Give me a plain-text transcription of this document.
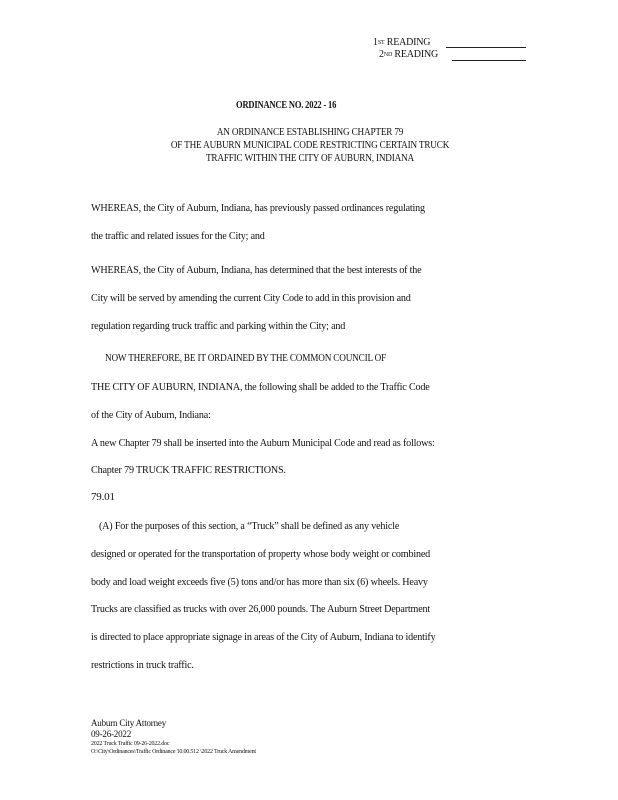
1ST READING
2ND READING
ORDINANCE NO. 2022 - 16
AN ORDINANCE ESTABLISHING CHAPTER 79
OF THE AUBURN MUNICIPAL CODE RESTRICTING CERTAIN TRUCK
TRAFFIC WITHIN THE CITY OF AUBURN, INDIANA
WHEREAS, the City of Auburn, Indiana, has previously passed ordinances regulating
the traffic and related issues for the City; and
WHEREAS, the City of Auburn, Indiana, has determined that the best interests of the
City will be served by amending the current City Code to add in this provision and
regulation regarding truck traffic and parking within the City; and
NOW THEREFORE, BE IT ORDAINED BY THE COMMON COUNCIL OF
THE CITY OF AUBURN, INDIANA, the following shall be added to the Traffic Code
of the City of Auburn, Indiana:
A new Chapter 79 shall be inserted into the Auburn Municipal Code and read as follows:
Chapter 79 TRUCK TRAFFIC RESTRICTIONS.
79.01
(A) For the purposes of this section, a “Truck” shall be defined as any vehicle
designed or operated for the transportation of property whose body weight or combined
body and load weight exceeds five (5) tons and/or has more than six (6) wheels. Heavy
Trucks are classified as trucks with over 26,000 pounds. The Auburn Street Department
is directed to place appropriate signage in areas of the City of Auburn, Indiana to identify
restrictions in truck traffic.
Auburn City Attorney
09-26-2022
2022 Truck Traffic 09-26-2022.doc
O:\City\Ordinances\Traffic Ordinance 10.00.512 \2022 Truck Amendment
